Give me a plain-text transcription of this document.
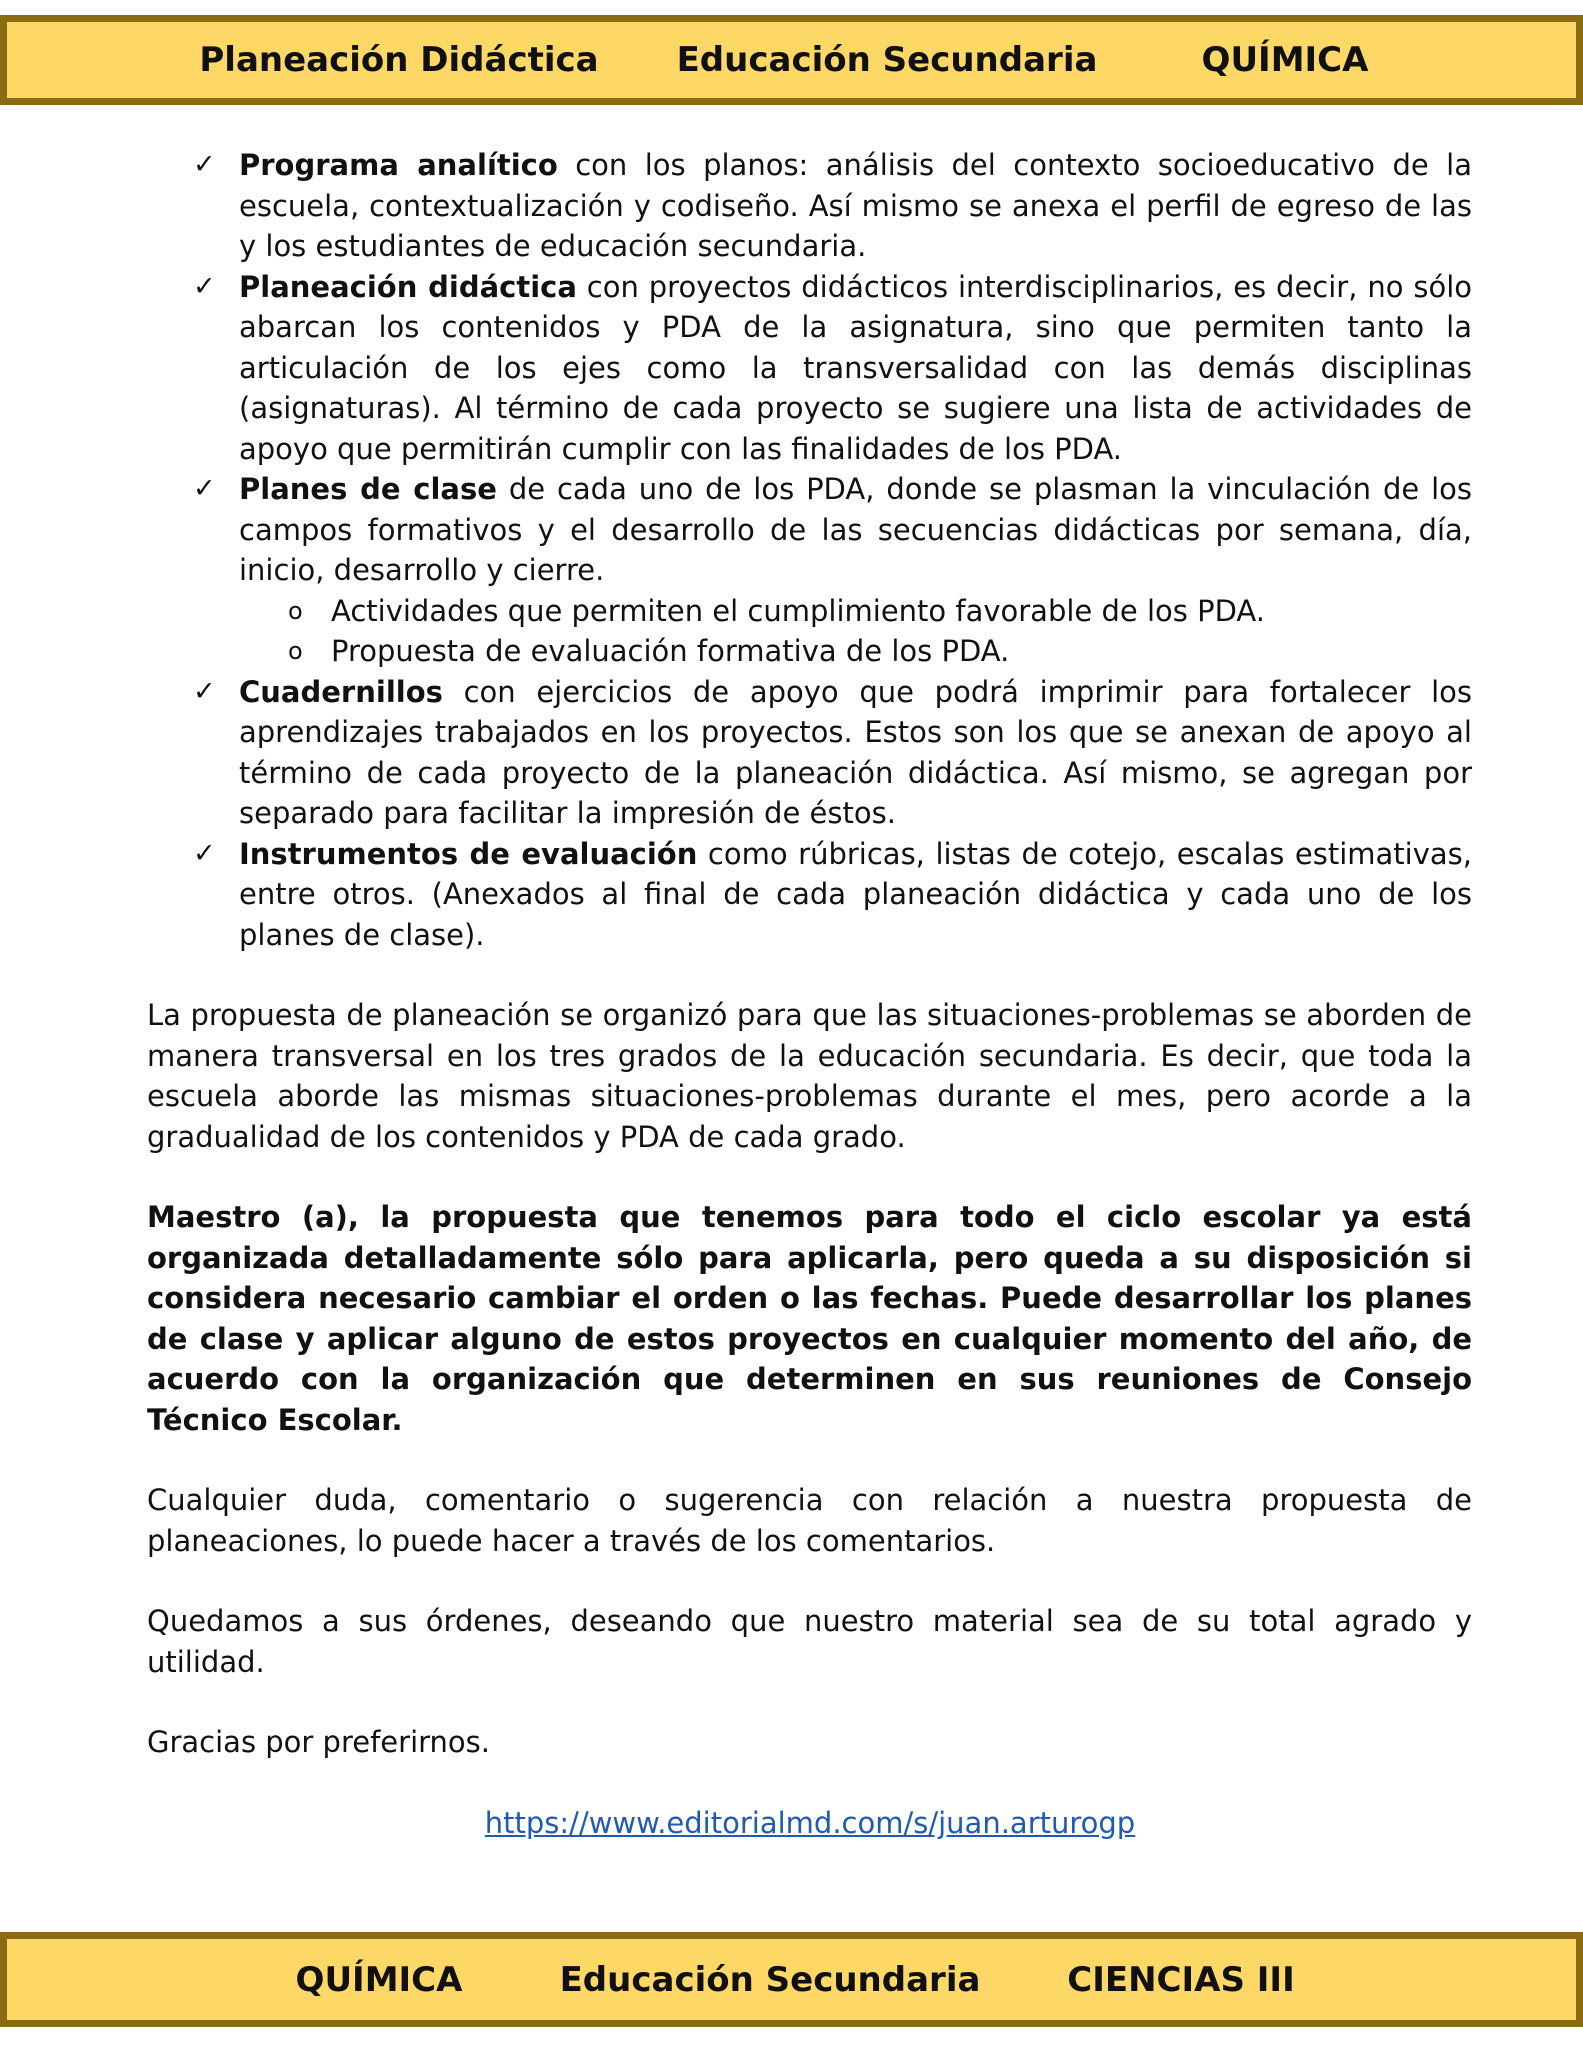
Planeación Didáctica Educación Secundaria	QUÍMICA
✓ Programa analítico con los planos: análisis del contexto socioeducativo de la escuela, contextualización y codiseño. Así mismo se anexa el perfil de egreso de las y los estudiantes de educación secundaria.
✓ Planeación didáctica con proyectos didácticos interdisciplinarios, es decir, no sólo abarcan los contenidos y PDA de la asignatura, sino que permiten tanto la articulación de los ejes como la transversalidad con las demás disciplinas (asignaturas). Al término de cada proyecto se sugiere una lista de actividades de apoyo que permitirán cumplir con las finalidades de los PDA.
✓ Planes de clase de cada uno de los PDA, donde se plasman la vinculación de los campos formativos y el desarrollo de las secuencias didácticas por semana, día, inicio, desarrollo y cierre.
o Actividades que permiten el cumplimiento favorable de los PDA.
o Propuesta de evaluación formativa de los PDA.
✓ Cuadernillos con ejercicios de apoyo que podrá imprimir para fortalecer los aprendizajes trabajados en los proyectos. Estos son los que se anexan de apoyo al término de cada proyecto de la planeación didáctica. Así mismo, se agregan por separado para facilitar la impresión de éstos.
✓ Instrumentos de evaluación como rúbricas, listas de cotejo, escalas estimativas, entre otros. (Anexados al final de cada planeación didáctica y cada uno de los planes de clase).

La propuesta de planeación se organizó para que las situaciones-problemas se aborden de manera transversal en los tres grados de la educación secundaria. Es decir, que toda la escuela aborde las mismas situaciones-problemas durante el mes, pero acorde a la gradualidad de los contenidos y PDA de cada grado.

Maestro (a), la propuesta que tenemos para todo el ciclo escolar ya está organizada detalladamente sólo para aplicarla, pero queda a su disposición si considera necesario cambiar el orden o las fechas. Puede desarrollar los planes de clase y aplicar alguno de estos proyectos en cualquier momento del año, de acuerdo con la organización que determinen en sus reuniones de Consejo Técnico Escolar.

Cualquier duda, comentario o sugerencia con relación a nuestra propuesta de planeaciones, lo puede hacer a través de los comentarios.

Quedamos a sus órdenes, deseando que nuestro material sea de su total agrado y utilidad.

Gracias por preferirnos.

https://www.editorialmd.com/s/juan.arturogp
QUÍMICA	Educación Secundaria	CIENCIAS III
